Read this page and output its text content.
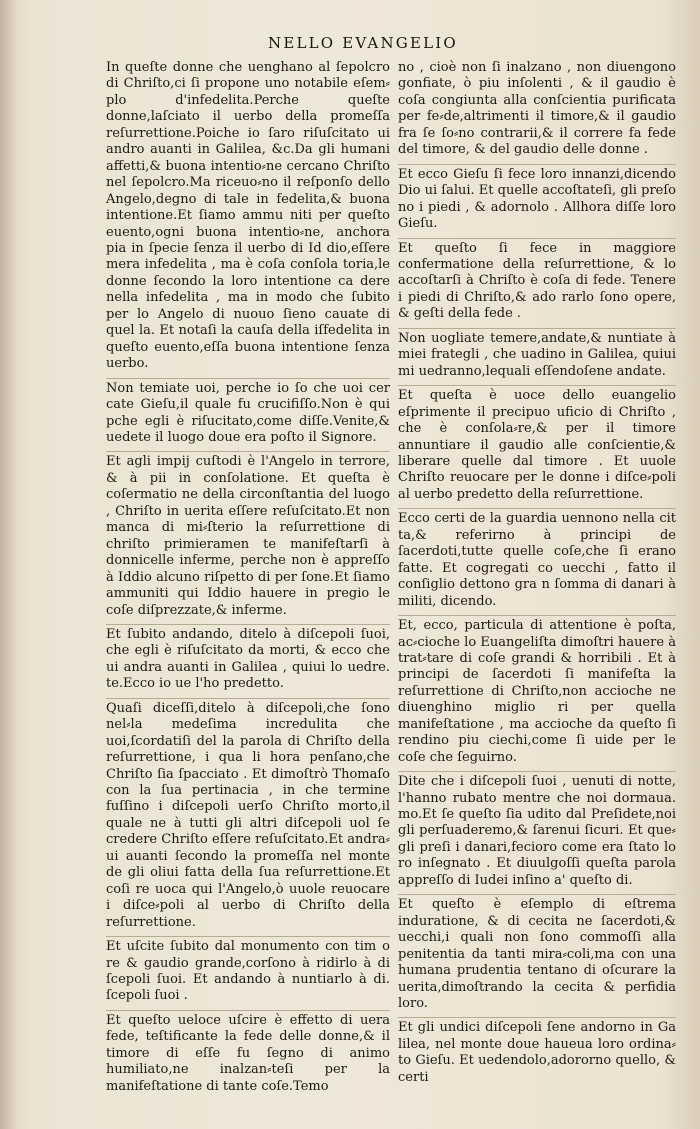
NELLO EVANGELIO

In queſte donne che uenghano al ſepolcro di Chriſto,ci ſi propone uno notabile eſem⸗plo d'infedelita.Perche queſte donne,laſciato il uerbo della promeſſa reſurrettione.Poiche io ſaro riſuſcitato ui andro auanti in Galilea, &c.Da gli humani affetti,& buona intentio⸗ne cercano Chriſto nel ſepolcro.Ma riceuo⸗no il reſponſo dello Angelo,degno di tale in fedelita,& buona intentione.Et ſiamo ammu niti per queſto euento,ogni buona intentio⸗ne, anchora pia in ſpecie ſenza il uerbo di Id dio,eſſere mera infedelita , ma è coſa conſola toria,le donne ſecondo la loro intentione ca dere nella infedelita , ma in modo che ſubito per lo Angelo di nuouo ſieno cauate di quel la. Et notaſi la cauſa della iſfedelita in queſto euento,eſſa buona intentione ſenza uerbo.

Non temiate uoi, perche io ſo che uoi cer cate Gieſu,il quale fu crucifiſſo.Non è qui pche egli è riſucitato,come diſſe.Venite,& uedete il luogo doue era poſto il Signore.

Et agli impij cuſtodi è l'Angelo in terrore, & à pii in conſolatione. Et queſta è coſermatio ne della circonſtantia del luogo , Chriſto in uerita eſſere reſuſcitato.Et non manca di mi⸗ſterio la reſurrettione di chriſto primieramen te manifeſtarſi à donnicelle inferme, perche non è appreſſo à Iddio alcuno riſpetto di per ſone.Et ſiamo ammuniti qui Iddio hauere in pregio le coſe diſprezzate,& inferme.

Et ſubito andando, ditelo à diſcepoli ſuoi, che egli è riſuſcitato da morti, & ecco che ui andra auanti in Galilea , quiui lo uedre. te.Ecco io ue l'ho predetto.

Quaſi diceſſi,ditelo à diſcepoli,che ſono nel⸗la medeſima incredulita che uoi,ſcordatiſi del la parola di Chriſto della reſurrettione, i qua li hora penſano,che Chriſto ſia ſpacciato . Et dimoſtrò Thomaſo con la ſua pertinacia , in che termine fuſſino i diſcepoli uerſo Chriſto morto,il quale ne à tutti gli altri diſcepoli uol ſe credere Chriſto eſſere reſuſcitato.Et andra⸗ui auanti ſecondo la promeſſa nel monte de gli oliui fatta della ſua reſurrettione.Et coſi re uoca qui l'Angelo,ò uuole reuocare i diſce⸗poli al uerbo di Chriſto della reſurrettione.

Et uſcite ſubito dal monumento con tim o re & gaudio grande,corſono à ridirlo à di ſcepoli ſuoi. Et andando à nuntiarlo à di. ſcepoli ſuoi .

Et queſto ueloce uſcire è effetto di uera fede, teſtificante la fede delle donne,& il timore di eſſe fu ſegno di animo humiliato,ne inalzan⸗teſi per la manifeſtatione di tante coſe.Temo

no , cioè non ſi inalzano , non diuengono gonfiate, ò piu inſolenti , & il gaudio è coſa congiunta alla conſcientia purificata per fe⸗de,altrimenti il timore,& il gaudio fra ſe ſo⸗no contrarii,& il correre fa fede del timore, & del gaudio delle donne .

Et ecco Gieſu ſi fece loro innanzi,dicendo Dio ui ſalui. Et quelle accoſtateſi, gli preſo no i piedi , & adornolo . Allhora diſſe loro Gieſu.

Et queſto ſi fece in maggiore confermatione della reſurrettione, & lo accoſtarſi à Chriſto è coſa di fede. Tenere i piedi di Chriſto,& ado rarlo ſono opere, & geſti della fede .

Non uogliate temere,andate,& nuntiate à miei frategli , che uadino in Galilea, quiui mi uedranno,lequali eſſendoſene andate.

Et queſta è uoce dello euangelio eſprimente il precipuo uficio di Chriſto , che è conſola⸗re,& per il timore annuntiare il gaudio alle conſcientie,& liberare quelle dal timore . Et uuole Chriſto reuocare per le donne i diſce⸗poli al uerbo predetto della reſurrettione.

Ecco certi de la guardia uennono nella cit ta,& referirno à principi de ſacerdoti,tutte quelle coſe,che ſi erano fatte. Et cogregati co uecchi , fatto il conſiglio dettono gra n ſomma di danari à militi, dicendo.

Et, ecco, particula di attentione è poſta, ac⸗cioche lo Euangeliſta dimoſtri hauere à trat⸗tare di coſe grandi & horribili . Et à principi de ſacerdoti ſi manifeſta la reſurrettione di Chriſto,non accioche ne diuenghino miglio ri per quella manifeſtatione , ma accioche da queſto ſi rendino piu ciechi,come ſi uide per le coſe che ſeguirno.

Dite che i diſcepoli ſuoi , uenuti di notte, l'hanno rubato mentre che noi dormaua. mo.Et ſe queſto ſia udito dal Preſidete,noi gli perſuaderemo,& ſarenui ſicuri. Et que⸗gli preſi i danari,fecioro come era ſtato lo ro inſegnato . Et diuulgoſſi queſta parola appreſſo di Iudei inſino a' queſto di.

Et queſto è eſemplo di eſtrema induratione, & di cecita ne ſacerdoti,& uecchi,i quali non ſono commoſſi alla penitentia da tanti mira⸗coli,ma con una humana prudentia tentano di oſcurare la uerita,dimoſtrando la cecita & perfidia loro.

Et gli undici diſcepoli ſene andorno in Ga lilea, nel monte doue haueua loro ordina⸗to Gieſu. Et uedendolo,adororno quello, & certi
